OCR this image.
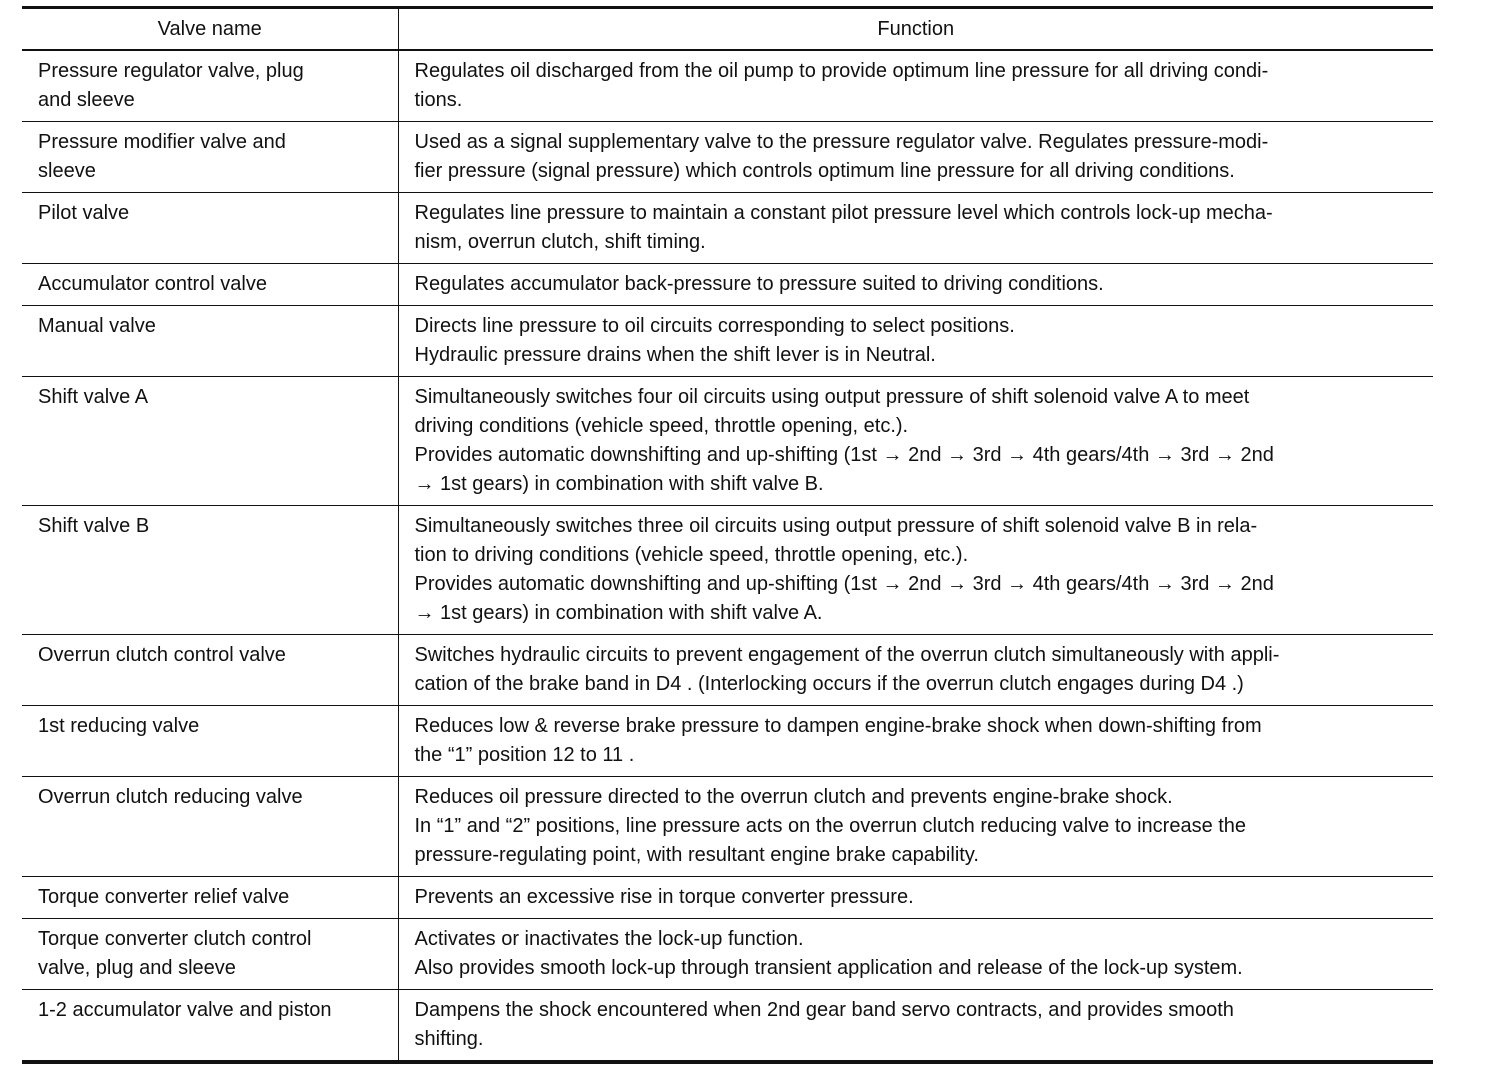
Valve name	Function

Pressure regulator valve, plug
and sleeve	Regulates oil discharged from the oil pump to provide optimum line pressure for all driving condi-
tions.

Pressure modifier valve and
sleeve	Used as a signal supplementary valve to the pressure regulator valve. Regulates pressure-modi-
fier pressure (signal pressure) which controls optimum line pressure for all driving conditions.

Pilot valve	Regulates line pressure to maintain a constant pilot pressure level which controls lock-up mecha-
nism, overrun clutch, shift timing.

Accumulator control valve	Regulates accumulator back-pressure to pressure suited to driving conditions.

Manual valve	Directs line pressure to oil circuits corresponding to select positions.
Hydraulic pressure drains when the shift lever is in Neutral.

Shift valve A	Simultaneously switches four oil circuits using output pressure of shift solenoid valve A to meet
driving conditions (vehicle speed, throttle opening, etc.).
Provides automatic downshifting and up-shifting (1st → 2nd → 3rd → 4th gears/4th → 3rd → 2nd
→ 1st gears) in combination with shift valve B.

Shift valve B	Simultaneously switches three oil circuits using output pressure of shift solenoid valve B in rela-
tion to driving conditions (vehicle speed, throttle opening, etc.).
Provides automatic downshifting and up-shifting (1st → 2nd → 3rd → 4th gears/4th → 3rd → 2nd
→ 1st gears) in combination with shift valve A.

Overrun clutch control valve	Switches hydraulic circuits to prevent engagement of the overrun clutch simultaneously with appli-
cation of the brake band in D4 . (Interlocking occurs if the overrun clutch engages during D4 .)

1st reducing valve	Reduces low & reverse brake pressure to dampen engine-brake shock when down-shifting from
the “1” position 12 to 11 .

Overrun clutch reducing valve	Reduces oil pressure directed to the overrun clutch and prevents engine-brake shock.
In “1” and “2” positions, line pressure acts on the overrun clutch reducing valve to increase the
pressure-regulating point, with resultant engine brake capability.

Torque converter relief valve	Prevents an excessive rise in torque converter pressure.

Torque converter clutch control
valve, plug and sleeve	Activates or inactivates the lock-up function.
Also provides smooth lock-up through transient application and release of the lock-up system.

1-2 accumulator valve and piston	Dampens the shock encountered when 2nd gear band servo contracts, and provides smooth
shifting.
